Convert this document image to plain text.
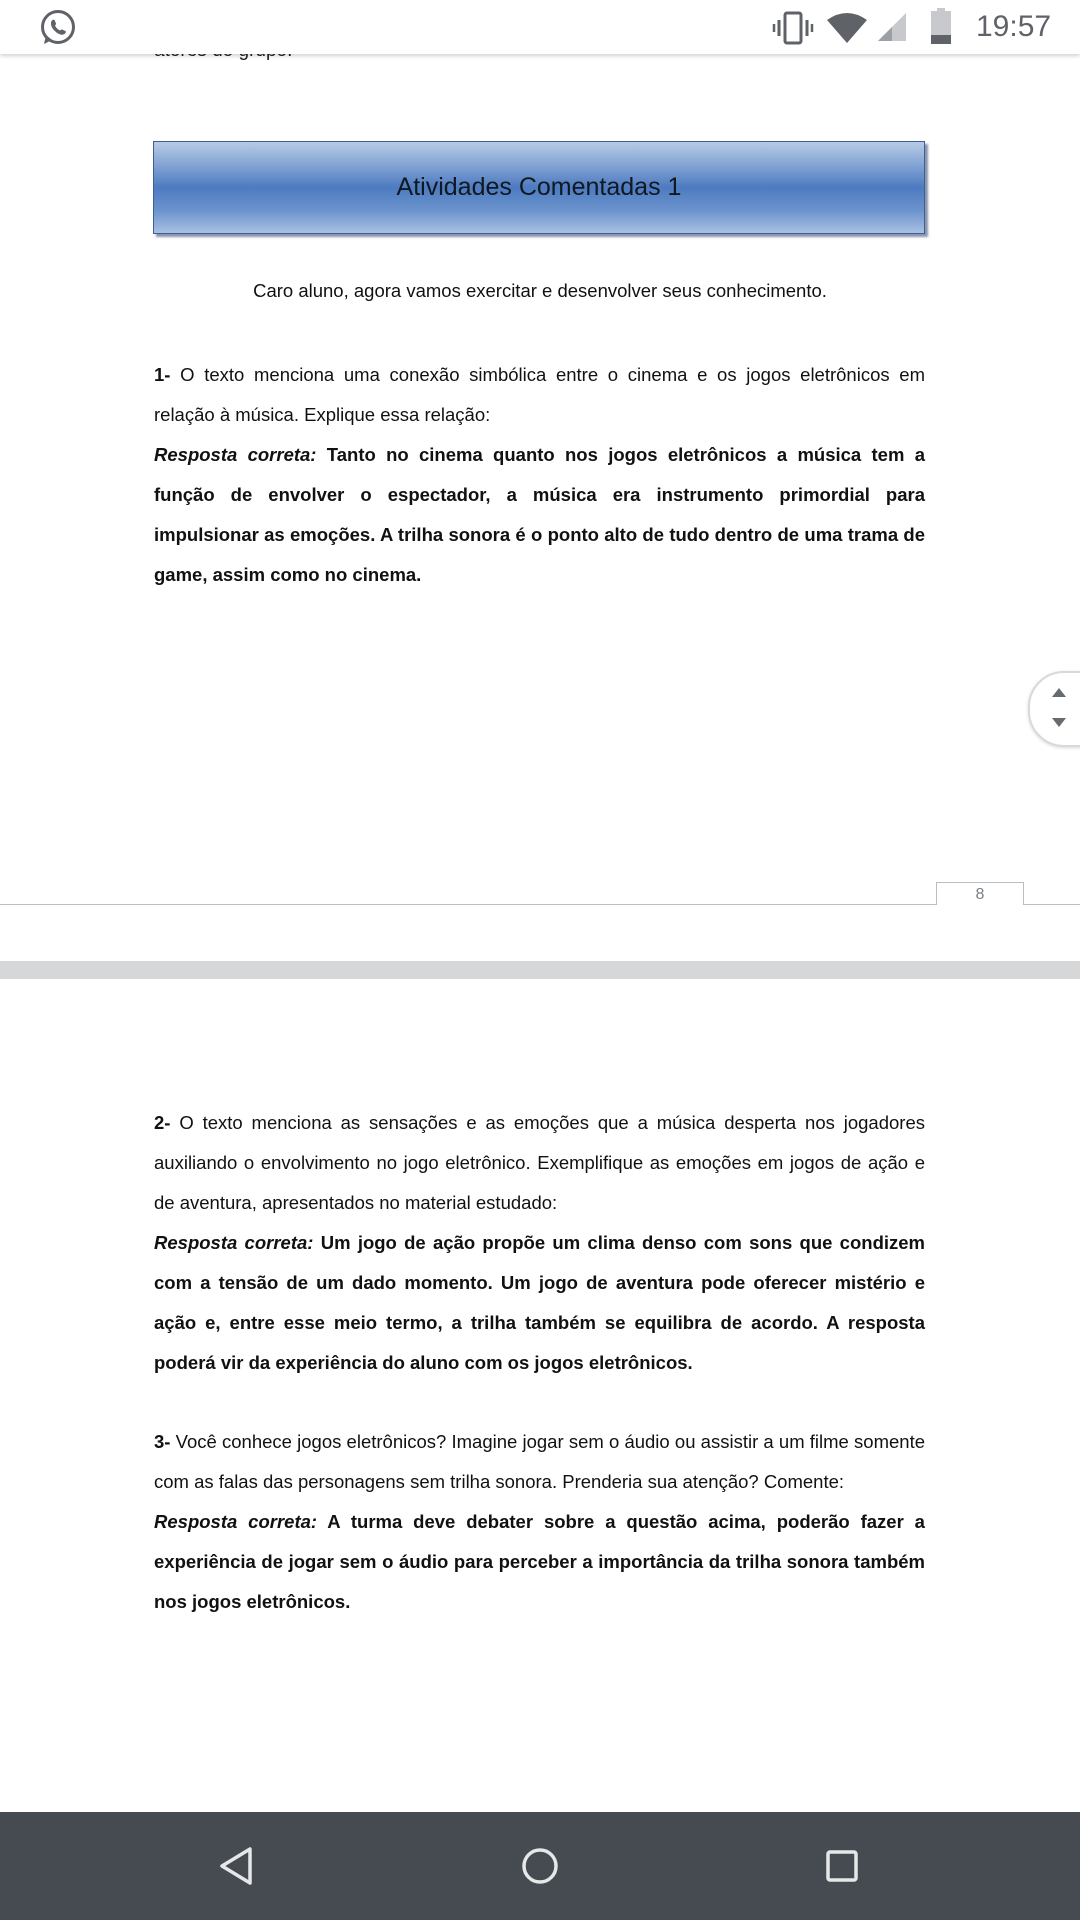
Atividades Comentadas 1
Caro aluno, agora vamos exercitar e desenvolver seus conhecimento.
1- O texto menciona uma conexão simbólica entre o cinema e os jogos eletrônicos em relação à música. Explique essa relação:
Resposta correta: Tanto no cinema quanto nos jogos eletrônicos a música tem a função de envolver o espectador, a música era instrumento primordial para impulsionar as emoções. A trilha sonora é o ponto alto de tudo dentro de uma trama de game, assim como no cinema.
8
2- O texto menciona as sensações e as emoções que a música desperta nos jogadores auxiliando o envolvimento no jogo eletrônico. Exemplifique as emoções em jogos de ação e de aventura, apresentados no material estudado:
Resposta correta: Um jogo de ação propõe um clima denso com sons que condizem com a tensão de um dado momento. Um jogo de aventura pode oferecer mistério e ação e, entre esse meio termo, a trilha também se equilibra de acordo. A resposta poderá vir da experiência do aluno com os jogos eletrônicos.
3- Você conhece jogos eletrônicos? Imagine jogar sem o áudio ou assistir a um filme somente com as falas das personagens sem trilha sonora. Prenderia sua atenção? Comente:
Resposta correta: A turma deve debater sobre a questão acima, poderão fazer a experiência de jogar sem o áudio para perceber a importância da trilha sonora também nos jogos eletrônicos.
19:57
